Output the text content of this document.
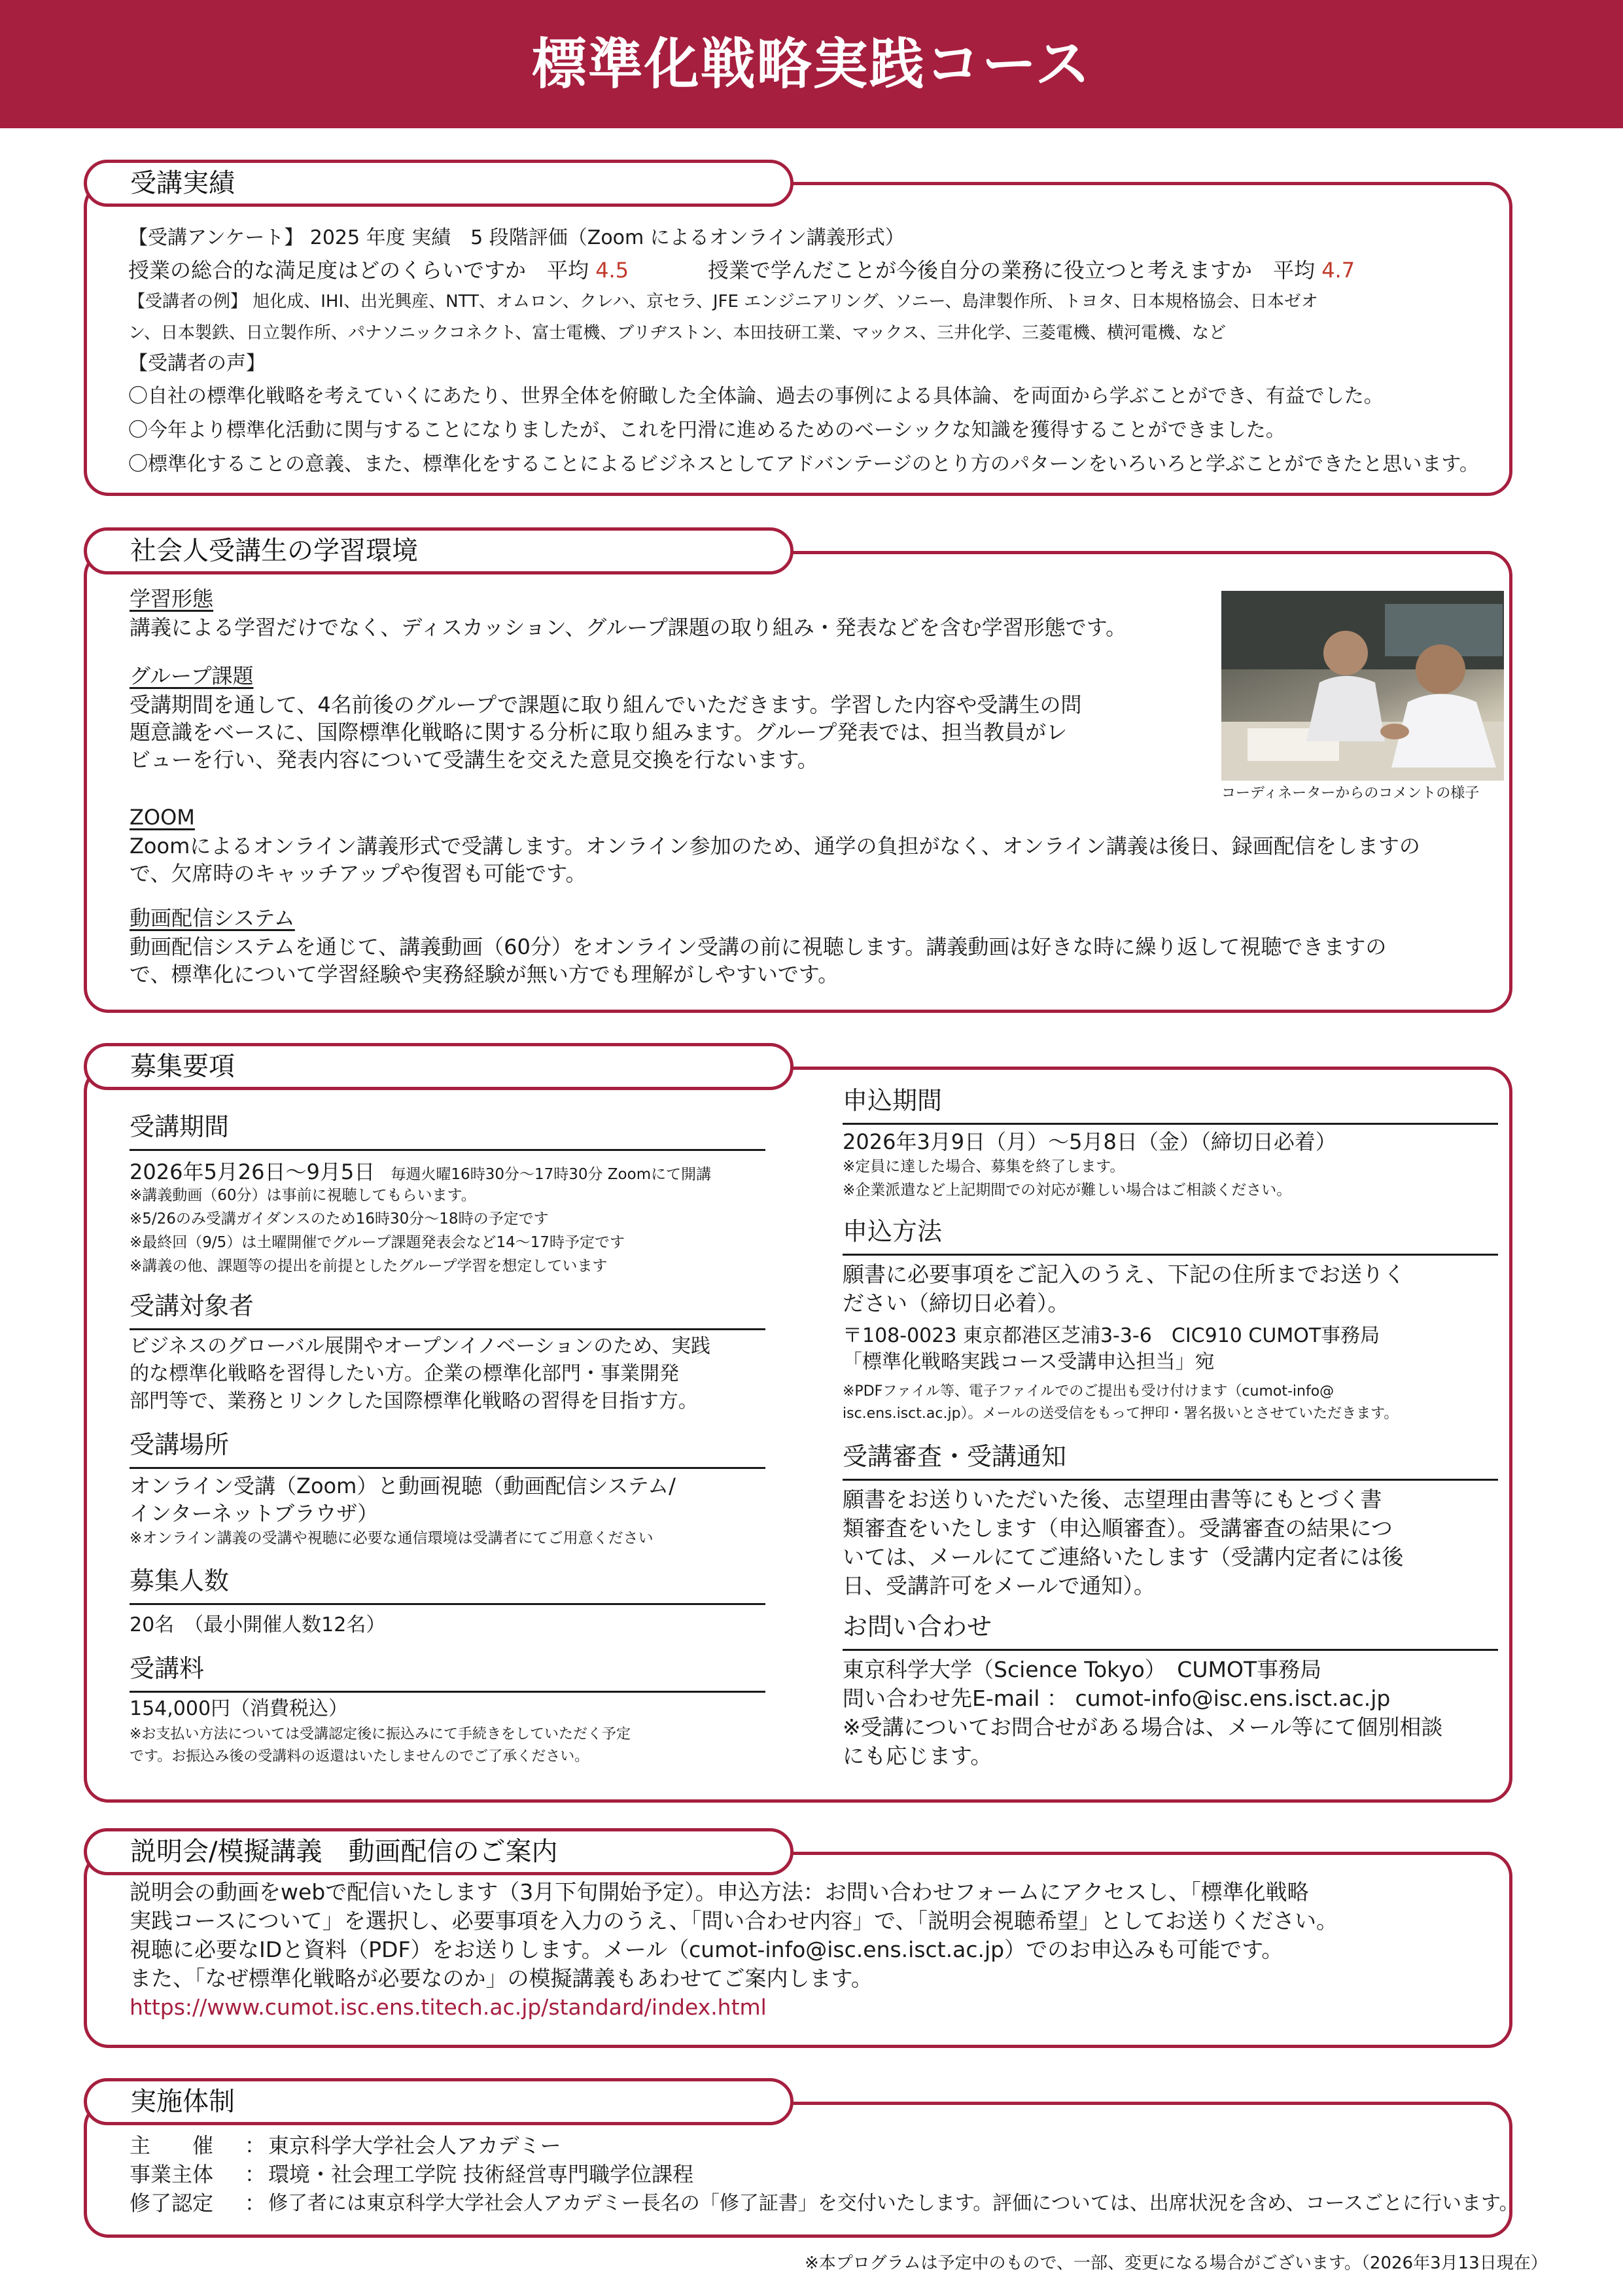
標準化戦略実践コース
受講実績
【受講アンケート】 2025 年度 実績　5 段階評価（Zoom によるオンライン講義形式）
授業の総合的な満足度はどのくらいですか　平均 4.5	授業で学んだことが今後自分の業務に役立つと考えますか　平均 4.7
【受講者の例】 旭化成、IHI、出光興産、NTT、オムロン、クレハ、京セラ、JFE エンジニアリング、ソニー、島津製作所、トヨタ、日本規格協会、日本ゼオ
ン、日本製鉄、日立製作所、パナソニックコネクト、富士電機、ブリヂストン、本田技研工業、マックス、三井化学、三菱電機、横河電機、など
【受講者の声】
〇自社の標準化戦略を考えていくにあたり、世界全体を俯瞰した全体論、過去の事例による具体論、を両面から学ぶことができ、有益でした。
〇今年より標準化活動に関与することになりましたが、これを円滑に進めるためのベーシックな知識を獲得することができました。
〇標準化することの意義、また、標準化をすることによるビジネスとしてアドバンテージのとり方のパターンをいろいろと学ぶことができたと思います。
社会人受講生の学習環境
学習形態
講義による学習だけでなく、ディスカッション、グループ課題の取り組み・発表などを含む学習形態です。
グループ課題
受講期間を通して、4名前後のグループで課題に取り組んでいただきます。学習した内容や受講生の問
題意識をベースに、国際標準化戦略に関する分析に取り組みます。グループ発表では、担当教員がレ
ビューを行い、発表内容について受講生を交えた意見交換を行ないます。
ZOOM
Zoomによるオンライン講義形式で受講します。オンライン参加のため、通学の負担がなく、オンライン講義は後日、録画配信をしますの
で、欠席時のキャッチアップや復習も可能です。
動画配信システム
動画配信システムを通じて、講義動画（60分）をオンライン受講の前に視聴します。講義動画は好きな時に繰り返して視聴できますの
で、標準化について学習経験や実務経験が無い方でも理解がしやすいです。
コーディネーターからのコメントの様子
募集要項
受講期間
2026年5月26日～9月5日 毎週火曜16時30分～17時30分 Zoomにて開講
※講義動画（60分）は事前に視聴してもらいます。
※5/26のみ受講ガイダンスのため16時30分～18時の予定です
※最終回（9/5）は土曜開催でグループ課題発表会など14～17時予定です
※講義の他、課題等の提出を前提としたグループ学習を想定しています
受講対象者
ビジネスのグローバル展開やオープンイノベーションのため、実践
的な標準化戦略を習得したい方。企業の標準化部門・事業開発
部門等で、業務とリンクした国際標準化戦略の習得を目指す方。
受講場所
オンライン受講（Zoom）と動画視聴（動画配信システム/
インターネットブラウザ）
※オンライン講義の受講や視聴に必要な通信環境は受講者にてご用意ください
募集人数
20名　（最小開催人数12名）
受講料
154,000円（消費税込）
※お支払い方法については受講認定後に振込みにて手続きをしていただく予定
です。お振込み後の受講料の返還はいたしませんのでご了承ください。
申込期間
2026年3月9日（月）～5月8日（金）（締切日必着）
※定員に達した場合、募集を終了します。
※企業派遣など上記期間での対応が難しい場合はご相談ください。
申込方法
願書に必要事項をご記入のうえ、下記の住所までお送りく
ださい（締切日必着）。
〒108-0023 東京都港区芝浦3-3-6　CIC910 CUMOT事務局
「標準化戦略実践コース受講申込担当」宛
※PDFファイル等、電子ファイルでのご提出も受け付けます（cumot-info@
isc.ens.isct.ac.jp）。メールの送受信をもって押印・署名扱いとさせていただきます。
受講審査・受講通知
願書をお送りいただいた後、志望理由書等にもとづく書
類審査をいたします（申込順審査）。受講審査の結果につ
いては、メールにてご連絡いたします（受講内定者には後
日、受講許可をメールで通知）。
お問い合わせ
東京科学大学（Science Tokyo）　CUMOT事務局
問い合わせ先E-mail ： cumot-info@isc.ens.isct.ac.jp
※受講についてお問合せがある場合は、メール等にて個別相談
にも応じます。
説明会/模擬講義　動画配信のご案内
説明会の動画をwebで配信いたします（3月下旬開始予定）。申込方法：お問い合わせフォームにアクセスし、「標準化戦略
実践コースについて」を選択し、必要事項を入力のうえ、「問い合わせ内容」で、「説明会視聴希望」としてお送りください。
視聴に必要なIDと資料（PDF）をお送りします。メール（cumot-info@isc.ens.isct.ac.jp）でのお申込みも可能です。
また、「なぜ標準化戦略が必要なのか」の模擬講義もあわせてご案内します。
https://www.cumot.isc.ens.titech.ac.jp/standard/index.html
実施体制
主　　催 ： 東京科学大学社会人アカデミー
事業主体 ： 環境・社会理工学院 技術経営専門職学位課程
修了認定 ： 修了者には東京科学大学社会人アカデミー長名の「修了証書」を交付いたします。評価については、出席状況を含め、コースごとに行います。
※本プログラムは予定中のもので、一部、変更になる場合がございます。（2026年3月13日現在）
